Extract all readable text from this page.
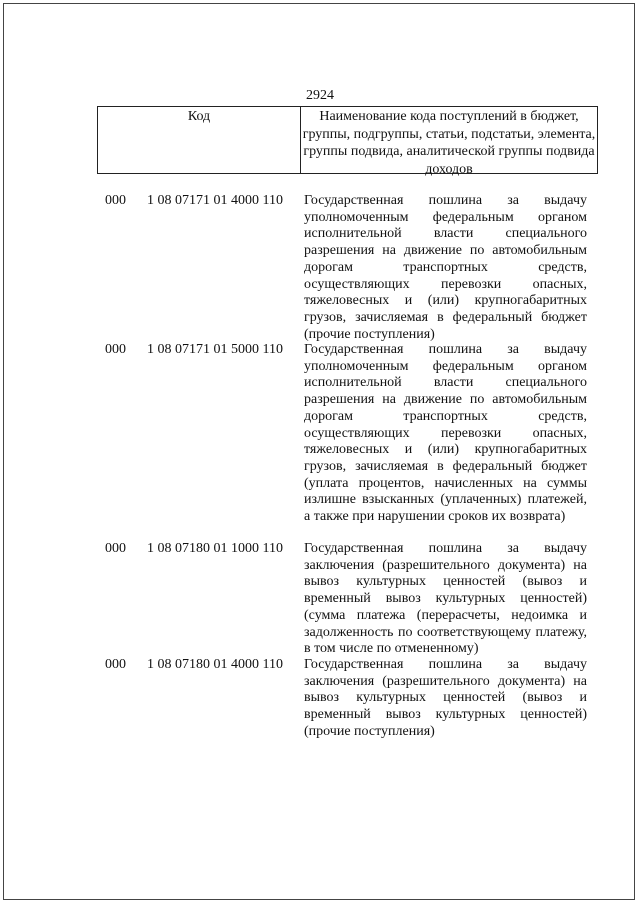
2924
Код	Наименование кода поступлений в бюджет, группы, подгруппы, статьи, подстатьи, элемента, группы подвида, аналитической группы подвида доходов
000 1 08 07171 01 4000 110 Государственная пошлина за выдачу уполномоченным федеральным органом исполнительной власти специального разрешения на движение по автомобильным дорогам транспортных средств, осуществляющих перевозки опасных, тяжеловесных и (или) крупногабаритных грузов, зачисляемая в федеральный бюджет (прочие поступления)
000 1 08 07171 01 5000 110 Государственная пошлина за выдачу уполномоченным федеральным органом исполнительной власти специального разрешения на движение по автомобильным дорогам транспортных средств, осуществляющих перевозки опасных, тяжеловесных и (или) крупногабаритных грузов, зачисляемая в федеральный бюджет (уплата процентов, начисленных на суммы излишне взысканных (уплаченных) платежей, а также при нарушении сроков их возврата)
000 1 08 07180 01 1000 110 Государственная пошлина за выдачу заключения (разрешительного документа) на вывоз культурных ценностей (вывоз и временный вывоз культурных ценностей) (сумма платежа (перерасчеты, недоимка и задолженность по соответствующему платежу, в том числе по отмененному)
000 1 08 07180 01 4000 110 Государственная пошлина за выдачу заключения (разрешительного документа) на вывоз культурных ценностей (вывоз и временный вывоз культурных ценностей) (прочие поступления)
